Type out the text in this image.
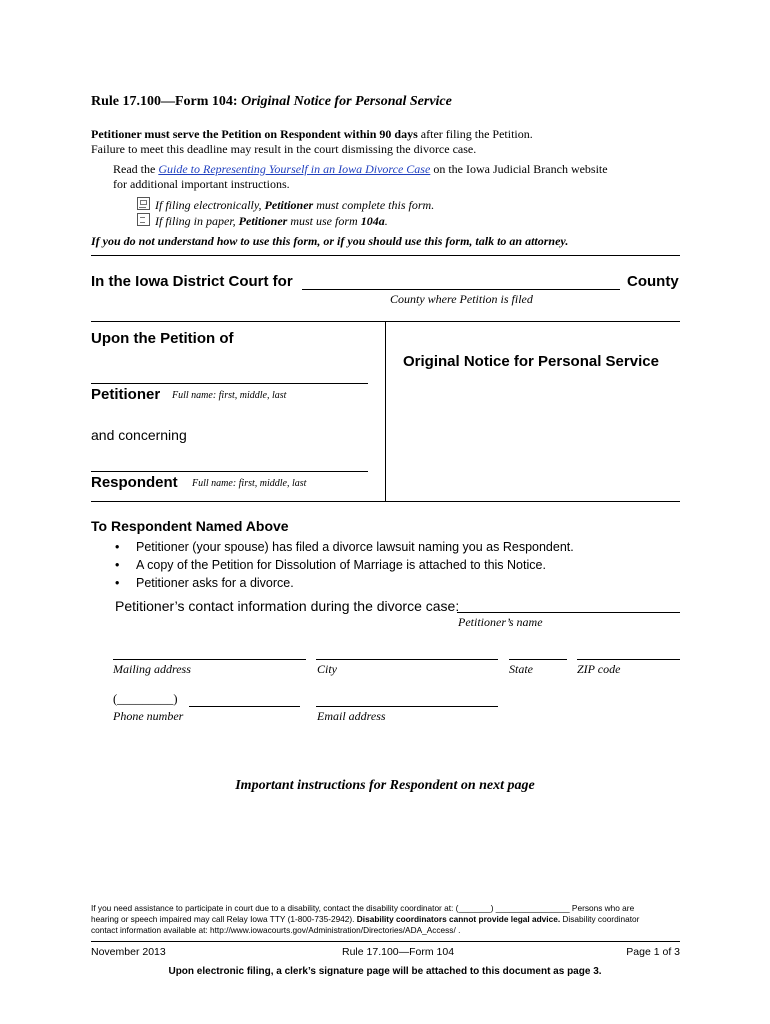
Rule 17.100—Form 104: Original Notice for Personal Service
Petitioner must serve the Petition on Respondent within 90 days after filing the Petition.
Failure to meet this deadline may result in the court dismissing the divorce case.
Read the Guide to Representing Yourself in an Iowa Divorce Case on the Iowa Judicial Branch website
for additional important instructions.
If filing electronically, Petitioner must complete this form.
If filing in paper, Petitioner must use form 104a.
If you do not understand how to use this form, or if you should use this form, talk to an attorney.
In the Iowa District Court for	County
County where Petition is filed
Upon the Petition of
Petitioner Full name: first, middle, last
and concerning
Respondent Full name: first, middle, last
Original Notice for Personal Service
To Respondent Named Above
• Petitioner (your spouse) has filed a divorce lawsuit naming you as Respondent.
• A copy of the Petition for Dissolution of Marriage is attached to this Notice.
• Petitioner asks for a divorce.
Petitioner’s contact information during the divorce case:
Petitioner’s name
Mailing address	City	State	ZIP code
(_________)
Phone number	Email address
Important instructions for Respondent on next page
If you need assistance to participate in court due to a disability, contact the disability coordinator at: (_______) ________________ Persons who are
hearing or speech impaired may call Relay Iowa TTY (1-800-735-2942). Disability coordinators cannot provide legal advice. Disability coordinator
contact information available at: http://www.iowacourts.gov/Administration/Directories/ADA_Access/ .
November 2013	Rule 17.100—Form 104	Page 1 of 3
Upon electronic filing, a clerk’s signature page will be attached to this document as page 3.
